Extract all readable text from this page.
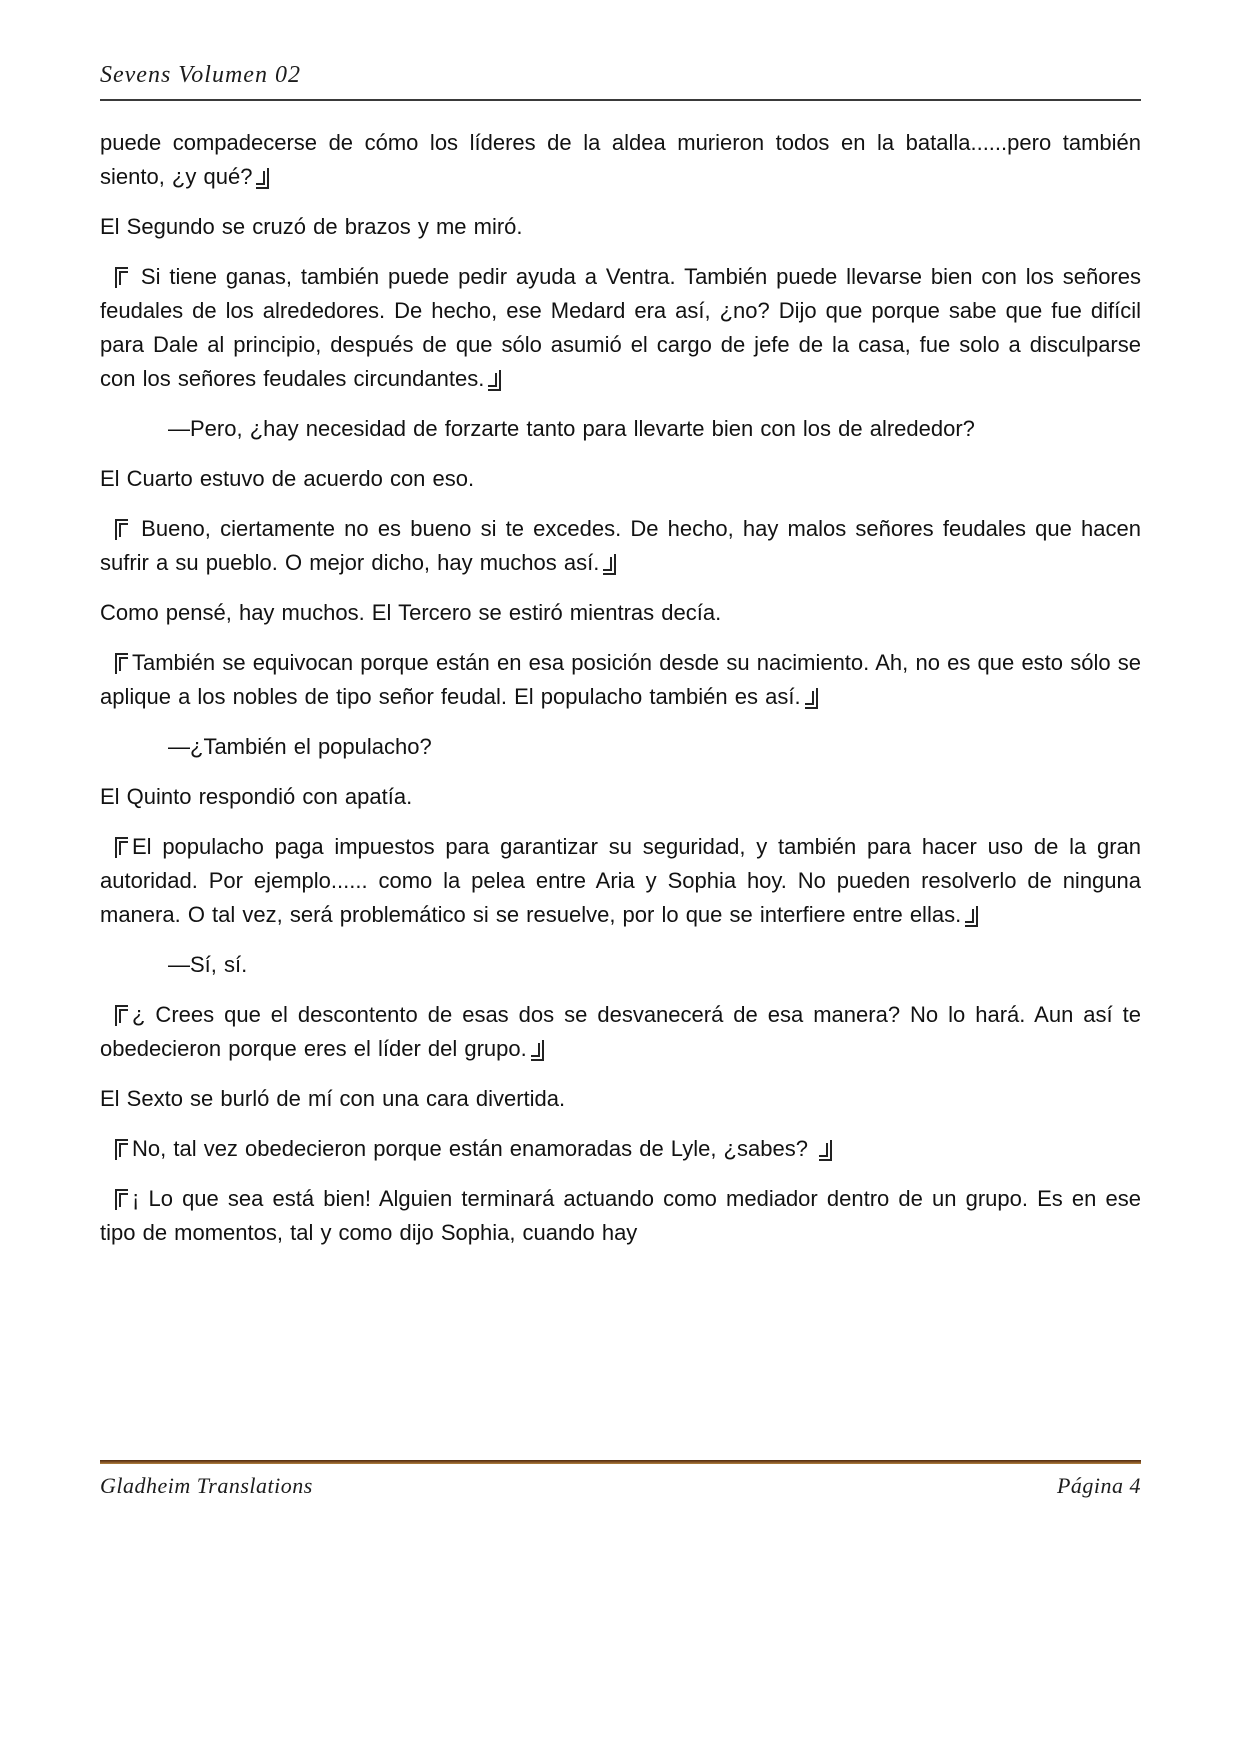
Sevens Volumen 02

puede compadecerse de cómo los líderes de la aldea murieron todos en la batalla......pero también siento, ¿y qué?

El Segundo se cruzó de brazos y me miró.

Si tiene ganas, también puede pedir ayuda a Ventra. También puede llevarse bien con los señores feudales de los alrededores. De hecho, ese Medard era así, ¿no? Dijo que porque sabe que fue difícil para Dale al principio, después de que sólo asumió el cargo de jefe de la casa, fue solo a disculparse con los señores feudales circundantes.

—Pero, ¿hay necesidad de forzarte tanto para llevarte bien con los de alrededor?

El Cuarto estuvo de acuerdo con eso.

Bueno, ciertamente no es bueno si te excedes. De hecho, hay malos señores feudales que hacen sufrir a su pueblo. O mejor dicho, hay muchos así.

Como pensé, hay muchos. El Tercero se estiró mientras decía.

También se equivocan porque están en esa posición desde su nacimiento. Ah, no es que esto sólo se aplique a los nobles de tipo señor feudal. El populacho también es así.

—¿También el populacho?

El Quinto respondió con apatía.

El populacho paga impuestos para garantizar su seguridad, y también para hacer uso de la gran autoridad. Por ejemplo...... como la pelea entre Aria y Sophia hoy. No pueden resolverlo de ninguna manera. O tal vez, será problemático si se resuelve, por lo que se interfiere entre ellas.

—Sí, sí.

¿ Crees que el descontento de esas dos se desvanecerá de esa manera? No lo hará. Aun así te obedecieron porque eres el líder del grupo.

El Sexto se burló de mí con una cara divertida.

No, tal vez obedecieron porque están enamoradas de Lyle, ¿sabes?

¡ Lo que sea está bien! Alguien terminará actuando como mediador dentro de un grupo. Es en ese tipo de momentos, tal y como dijo Sophia, cuando hay

Gladheim Translations	Página 4
